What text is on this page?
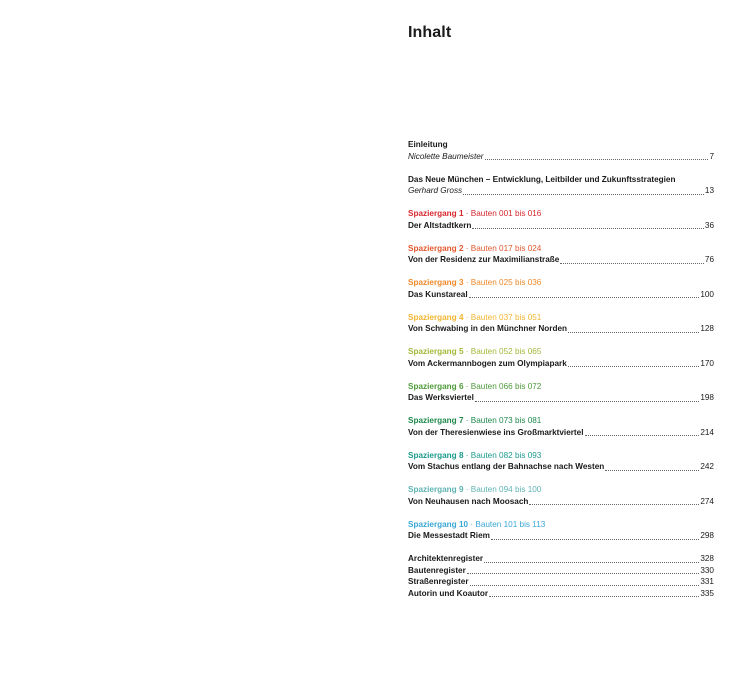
Inhalt
Einleitung
Nicolette Baumeister	7
Das Neue München – Entwicklung, Leitbilder und Zukunftsstrategien
Gerhard Gross	13
Spaziergang 1 · Bauten 001 bis 016
Der Altstadtkern	36
Spaziergang 2 · Bauten 017 bis 024
Von der Residenz zur Maximilianstraße	76
Spaziergang 3 · Bauten 025 bis 036
Das Kunstareal	100
Spaziergang 4 · Bauten 037 bis 051
Von Schwabing in den Münchner Norden	128
Spaziergang 5 · Bauten 052 bis 065
Vom Ackermannbogen zum Olympiapark	170
Spaziergang 6 · Bauten 066 bis 072
Das Werksviertel	198
Spaziergang 7 · Bauten 073 bis 081
Von der Theresienwiese ins Großmarktviertel	214
Spaziergang 8 · Bauten 082 bis 093
Vom Stachus entlang der Bahnachse nach Westen	242
Spaziergang 9 · Bauten 094 bis 100
Von Neuhausen nach Moosach	274
Spaziergang 10 · Bauten 101 bis 113
Die Messestadt Riem	298
Architektenregister	328
Bautenregister	330
Straßenregister	331
Autorin und Koautor	335
